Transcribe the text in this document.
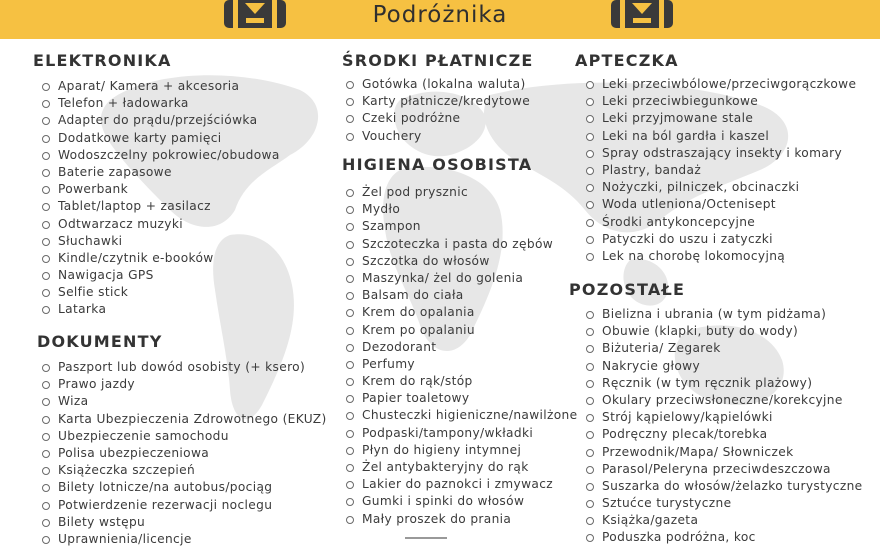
Podróżnika
ELEKTRONIKA
Aparat/ Kamera + akcesoria
Telefon + ładowarka
Adapter do prądu/przejściówka
Dodatkowe karty pamięci
Wodoszczelny pokrowiec/obudowa
Baterie zapasowe
Powerbank
Tablet/laptop + zasilacz
Odtwarzacz muzyki
Słuchawki
Kindle/czytnik e-booków
Nawigacja GPS
Selfie stick
Latarka
DOKUMENTY
Paszport lub dowód osobisty (+ ksero)
Prawo jazdy
Wiza
Karta Ubezpieczenia Zdrowotnego (EKUZ)
Ubezpieczenie samochodu
Polisa ubezpieczeniowa
Książeczka szczepień
Bilety lotnicze/na autobus/pociąg
Potwierdzenie rezerwacji noclegu
Bilety wstępu
Uprawnienia/licencje
ŚRODKI PŁATNICZE
Gotówka (lokalna waluta)
Karty płatnicze/kredytowe
Czeki podróżne
Vouchery
HIGIENA OSOBISTA
Żel pod prysznic
Mydło
Szampon
Szczoteczka i pasta do zębów
Szczotka do włosów
Maszynka/ żel do golenia
Balsam do ciała
Krem do opalania
Krem po opalaniu
Dezodorant
Perfumy
Krem do rąk/stóp
Papier toaletowy
Chusteczki higieniczne/nawilżone
Podpaski/tampony/wkładki
Płyn do higieny intymnej
Żel antybakteryjny do rąk
Lakier do paznokci i zmywacz
Gumki i spinki do włosów
Mały proszek do prania
APTECZKA
Leki przeciwbólowe/przeciwgorączkowe
Leki przeciwbiegunkowe
Leki przyjmowane stale
Leki na ból gardła i kaszel
Spray odstraszający insekty i komary
Plastry, bandaż
Nożyczki, pilniczek, obcinaczki
Woda utleniona/Octenisept
Środki antykoncepcyjne
Patyczki do uszu i zatyczki
Lek na chorobę lokomocyjną
POZOSTAŁE
Bielizna i ubrania (w tym pidżama)
Obuwie (klapki, buty do wody)
Biżuteria/ Zegarek
Nakrycie głowy
Ręcznik (w tym ręcznik plażowy)
Okulary przeciwsłoneczne/korekcyjne
Strój kąpielowy/kąpielówki
Podręczny plecak/torebka
Przewodnik/Mapa/ Słowniczek
Parasol/Peleryna przeciwdeszczowa
Suszarka do włosów/żelazko turystyczne
Sztućce turystyczne
Książka/gazeta
Poduszka podróżna, koc
